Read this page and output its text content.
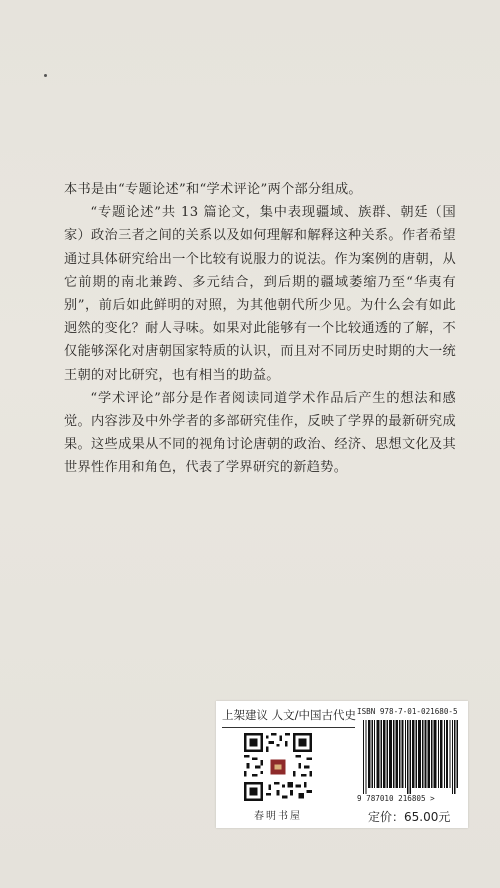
本书是由“专题论述”和“学术评论”两个部分组成。

“专题论述”共 13 篇论文，集中表现疆域、族群、朝廷（国家）政治三者之间的关系以及如何理解和解释这种关系。作者希望通过具体研究给出一个比较有说服力的说法。作为案例的唐朝，从它前期的南北兼跨、多元结合，到后期的疆域萎缩乃至“华夷有别”，前后如此鲜明的对照，为其他朝代所少见。为什么会有如此迥然的变化？耐人寻味。如果对此能够有一个比较通透的了解，不仅能够深化对唐朝国家特质的认识，而且对不同历史时期的大一统王朝的对比研究，也有相当的助益。

“学术评论”部分是作者阅读同道学术作品后产生的想法和感觉。内容涉及中外学者的多部研究佳作，反映了学界的最新研究成果。这些成果从不同的视角讨论唐朝的政治、经济、思想文化及其世界性作用和角色，代表了学界研究的新趋势。

上架建议 人文/中国古代史
春明书屋
ISBN 978-7-01-021680-5
9 787010 216805 >
定价：65.00元
